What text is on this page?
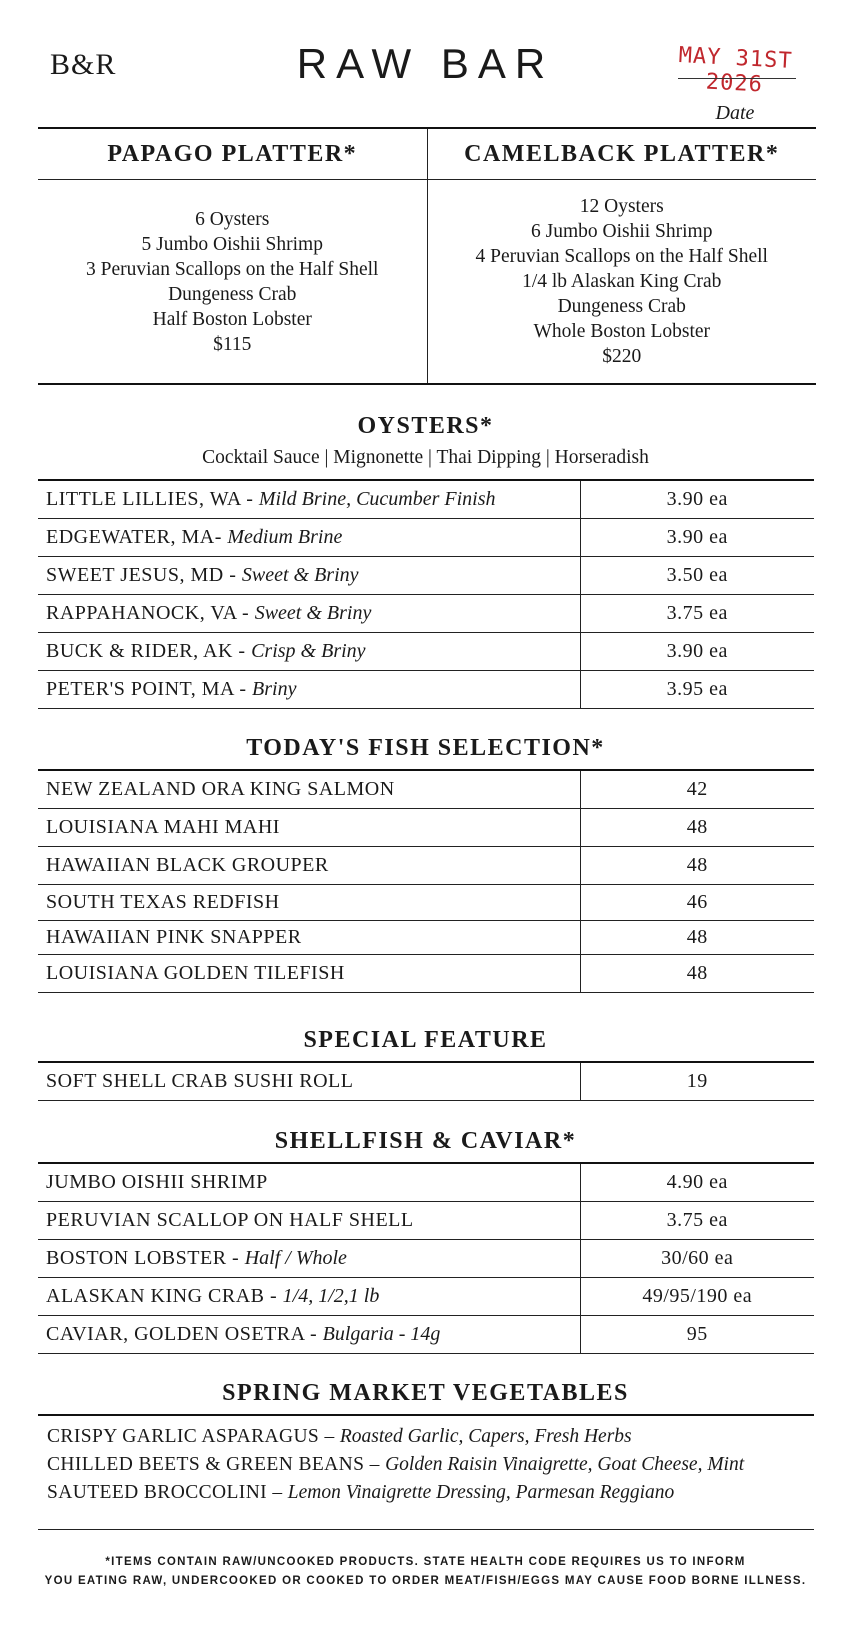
B&R	RAW BAR	MAY 31ST 2026
Date
PAPAGO PLATTER*
6 Oysters
5 Jumbo Oishii Shrimp
3 Peruvian Scallops on the Half Shell
Dungeness Crab
Half Boston Lobster
$115
CAMELBACK PLATTER*
12 Oysters
6 Jumbo Oishii Shrimp
4 Peruvian Scallops on the Half Shell
1/4 lb Alaskan King Crab
Dungeness Crab
Whole Boston Lobster
$220
OYSTERS*
Cocktail Sauce | Mignonette | Thai Dipping | Horseradish
LITTLE LILLIES, WA - Mild Brine, Cucumber Finish	3.90 ea
EDGEWATER, MA- Medium Brine	3.90 ea
SWEET JESUS, MD - Sweet & Briny	3.50 ea
RAPPAHANOCK, VA - Sweet & Briny	3.75 ea
BUCK & RIDER, AK - Crisp & Briny	3.90 ea
PETER'S POINT, MA - Briny	3.95 ea
TODAY'S FISH SELECTION*
NEW ZEALAND ORA KING SALMON	42
LOUISIANA MAHI MAHI	48
HAWAIIAN BLACK GROUPER	48
SOUTH TEXAS REDFISH	46
HAWAIIAN PINK SNAPPER	48
LOUISIANA GOLDEN TILEFISH	48
SPECIAL FEATURE
SOFT SHELL CRAB SUSHI ROLL	19
SHELLFISH & CAVIAR*
JUMBO OISHII SHRIMP	4.90 ea
PERUVIAN SCALLOP ON HALF SHELL	3.75 ea
BOSTON LOBSTER - Half / Whole	30/60 ea
ALASKAN KING CRAB - 1/4, 1/2,1 lb	49/95/190 ea
CAVIAR, GOLDEN OSETRA - Bulgaria - 14g	95
SPRING MARKET VEGETABLES
CRISPY GARLIC ASPARAGUS – Roasted Garlic, Capers, Fresh Herbs
CHILLED BEETS & GREEN BEANS – Golden Raisin Vinaigrette, Goat Cheese, Mint
SAUTEED BROCCOLINI – Lemon Vinaigrette Dressing, Parmesan Reggiano
*ITEMS CONTAIN RAW/UNCOOKED PRODUCTS. STATE HEALTH CODE REQUIRES US TO INFORM
YOU EATING RAW, UNDERCOOKED OR COOKED TO ORDER MEAT/FISH/EGGS MAY CAUSE FOOD BORNE ILLNESS.
